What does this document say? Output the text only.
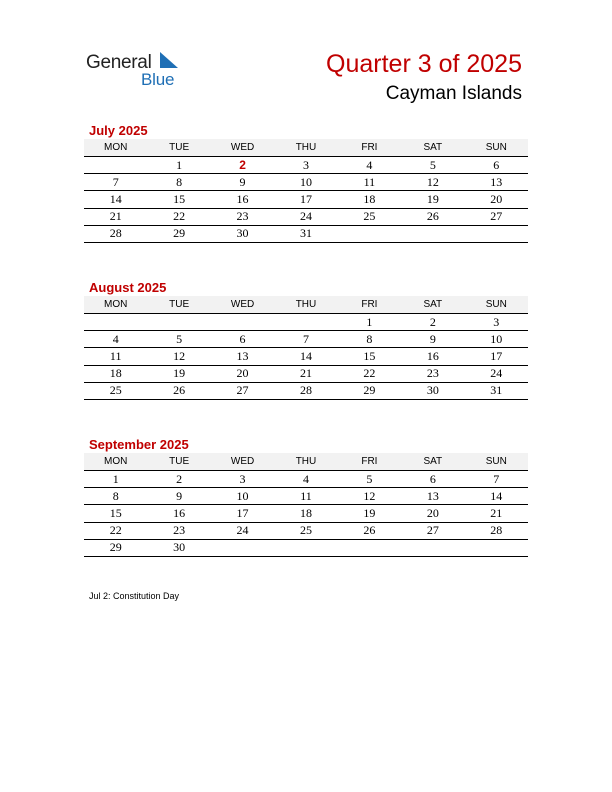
General
Blue
Quarter 3 of 2025
Cayman Islands
July 2025
MON	TUE	WED	THU	FRI	SAT	SUN
	1	2	3	4	5	6
7	8	9	10	11	12	13
14	15	16	17	18	19	20
21	22	23	24	25	26	27
28	29	30	31			
August 2025
MON	TUE	WED	THU	FRI	SAT	SUN
				1	2	3
4	5	6	7	8	9	10
11	12	13	14	15	16	17
18	19	20	21	22	23	24
25	26	27	28	29	30	31
September 2025
MON	TUE	WED	THU	FRI	SAT	SUN
1	2	3	4	5	6	7
8	9	10	11	12	13	14
15	16	17	18	19	20	21
22	23	24	25	26	27	28
29	30					
Jul 2: Constitution Day
